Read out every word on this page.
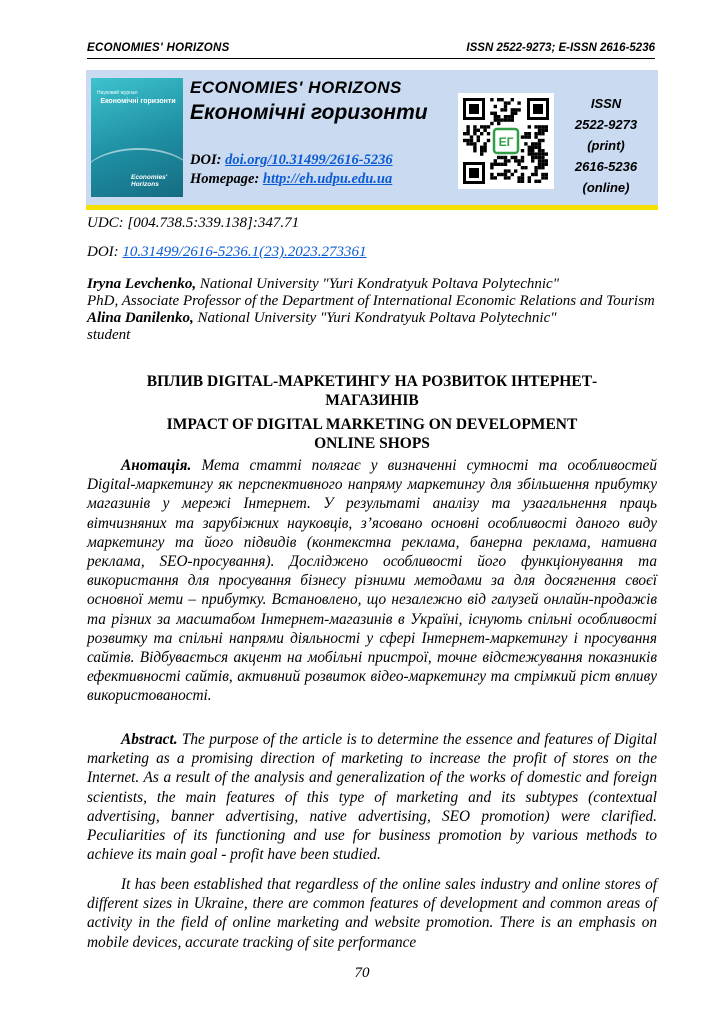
ECONOMIES' HORIZONS	ISSN 2522-9273; E-ISSN 2616-5236
Науковий журнал
Економічні горизонти
Economies'
Horizons
ECONOMIES' HORIZONS
Економічні горизонти
DOI: doi.org/10.31499/2616-5236
Homepage: http://eh.udpu.edu.ua
ЕГ
ISSN
2522-9273
(print)
2616-5236
(online)
UDC: [004.738.5:339.138]:347.71
DOI: 10.31499/2616-5236.1(23).2023.273361
Iryna Levchenko, National University "Yuri Kondratyuk Poltava Polytechnic"
PhD, Associate Professor of the Department of International Economic Relations and Tourism
Alina Danilenko, National University "Yuri Kondratyuk Poltava Polytechnic"
student
ВПЛИВ DIGITAL-МАРКЕТИНГУ НА РОЗВИТОК ІНТЕРНЕТ-
МАГАЗИНІВ
IMPACT OF DIGITAL MARKETING ON DEVELOPMENT
ONLINE SHOPS
Анотація. Мета статті полягає у визначенні сутності та особливостей Digital-маркетингу як перспективного напряму маркетингу для збільшення прибутку магазинів у мережі Інтернет. У результаті аналізу та узагальнення праць вітчизняних та зарубіжних науковців, з’ясовано основні особливості даного виду маркетингу та його підвидів (контекстна реклама, банерна реклама, нативна реклама, SEO-просування). Досліджено особливості його функціонування та використання для просування бізнесу різними методами за для досягнення своєї основної мети – прибутку. Встановлено, що незалежно від галузей онлайн-продажів та різних за масштабом Інтернет-магазинів в Україні, існують спільні особливості розвитку та спільні напрями діяльності у сфері Інтернет-маркетингу і просування сайтів. Відбувається акцент на мобільні пристрої, точне відстежування показників ефективності сайтів, активний розвиток відео-маркетингу та стрімкий ріст впливу використованості.
Abstract. The purpose of the article is to determine the essence and features of Digital marketing as a promising direction of marketing to increase the profit of stores on the Internet. As a result of the analysis and generalization of the works of domestic and foreign scientists, the main features of this type of marketing and its subtypes (contextual advertising, banner advertising, native advertising, SEO promotion) were clarified. Peculiarities of its functioning and use for business promotion by various methods to achieve its main goal - profit have been studied.
It has been established that regardless of the online sales industry and online stores of different sizes in Ukraine, there are common features of development and common areas of activity in the field of online marketing and website promotion. There is an emphasis on mobile devices, accurate tracking of site performance
70
